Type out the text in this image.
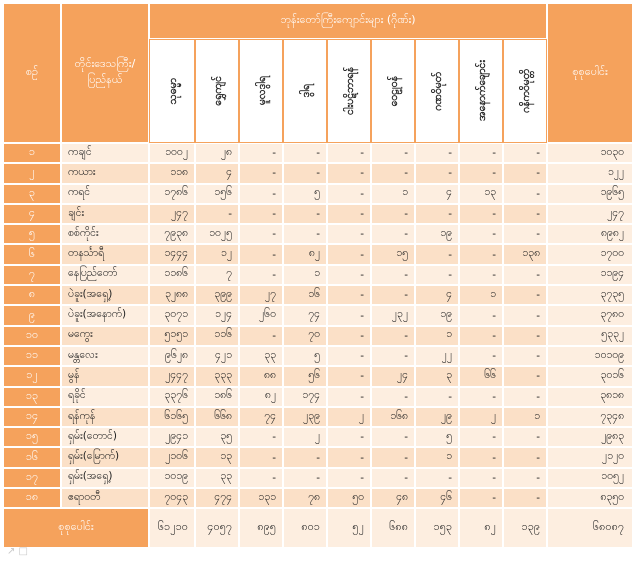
စဉ်	တိုင်းဒေသကြီး/ ပြည်နယ်	ဘုန်းတော်ကြီးကျောင်းများ (ဂိုဏ်း)									စုစုပေါင်း

		သုဓမ္မာ	ရွှေကျင်	မူလဒွါရ	ဒွါရ	ငါးပဋိဘာရန်	ဝေဠုဝန်	ဂဏဝိမုတ်	အနောက်ချောင်း	ဂနိကဝိမုတ္တိ	

၁	ကချင်	၁၀၀၂	၂၈	-	-	-	-	-	-	-	၁၀၃၀
၂	ကယား	၁၁၈	၄	-	-	-	-	-	-	-	၁၂၂
၃	ကရင်	၁၇၈၆	၁၅၆	-	၅	-	၁	၄	၁၃	-	၁၉၆၅
၄	ချင်း	၂၄၇	-	-	-	-	-	-	-	-	၂၄၇
၅	စစ်ကိုင်း	၇၉၃၈	၁၀၂၅	-	-	-	-	၁၉	-	-	၈၉၈၂
၆	တနင်္သာရီ	၁၄၄၄	၁၂	-	၈၂	-	၁၅	-	-	၁၃၈	၁၇၀၀
၇	နေပြည်တော်	၁၁၈၆	၇	-	၁	-	-	-	-	-	၁၁၉၄
၈	ပဲခူး(အရှေ့)	၃၂၈၈	၃၉၉	၂၇	၁၆	-	-	၄	၁	-	၃၇၃၅
၉	ပဲခူး(အနောက်)	၃၀၇၁	၁၂၄	၂၆၀	၇၄	-	၂၃၂	၁၉	-	-	၃၇၈၀
၁၀	မကွေး	၅၁၅၁	၁၁၆	-	၇၀	-	-	၁	-	-	၅၃၃၂
၁၁	မန္တလေး	၉၆၂၈	၄၂၁	၃၃	၅	-	-	၂၂	-	-	၁၀၁၀၉
၁၂	မွန်	၂၄၄၇	၃၃၃	၈၈	၅၆	-	၂၄	၃	၆၆	-	၃၀၁၆
၁၃	ရခိုင်	၃၃၇၆	၁၈၆	၈၂	၁၇၄	-	-	-	-	-	၃၈၁၈
၁၄	ရန်ကုန်	၆၁၆၅	၆၆၈	၇၄	၂၃၉	၂	၁၆၈	၂၉	၂	၁	၇၃၄၈
၁၅	ရှမ်း(တောင်)	၂၉၄၁	၃၅	-	၂	-	-	၅	-	-	၂၉၈၃
၁၆	ရှမ်း(မြောက်)	၂၁၀၆	၁၃	-	-	-	-	၁	-	-	၂၁၂၀
၁၇	ရှမ်း(အရှေ့)	၁၀၁၉	၃၃	-	-	-	-	-	-	-	၁၀၅၂
၁၈	ဧရာဝတီ	၇၀၄၃	၄၇၄	၁၃၁	၇၈	၅၀	၄၈	၄၆	-	-	၈၃၅၀
စုစုပေါင်း		၆၁၂၁၀	၄၀၅၇	၈၉၅	၈၀၁	၅၂	၆၈၈	၁၅၃	၈၂	၁၃၉	၆၈၀၈၇
↗ □
